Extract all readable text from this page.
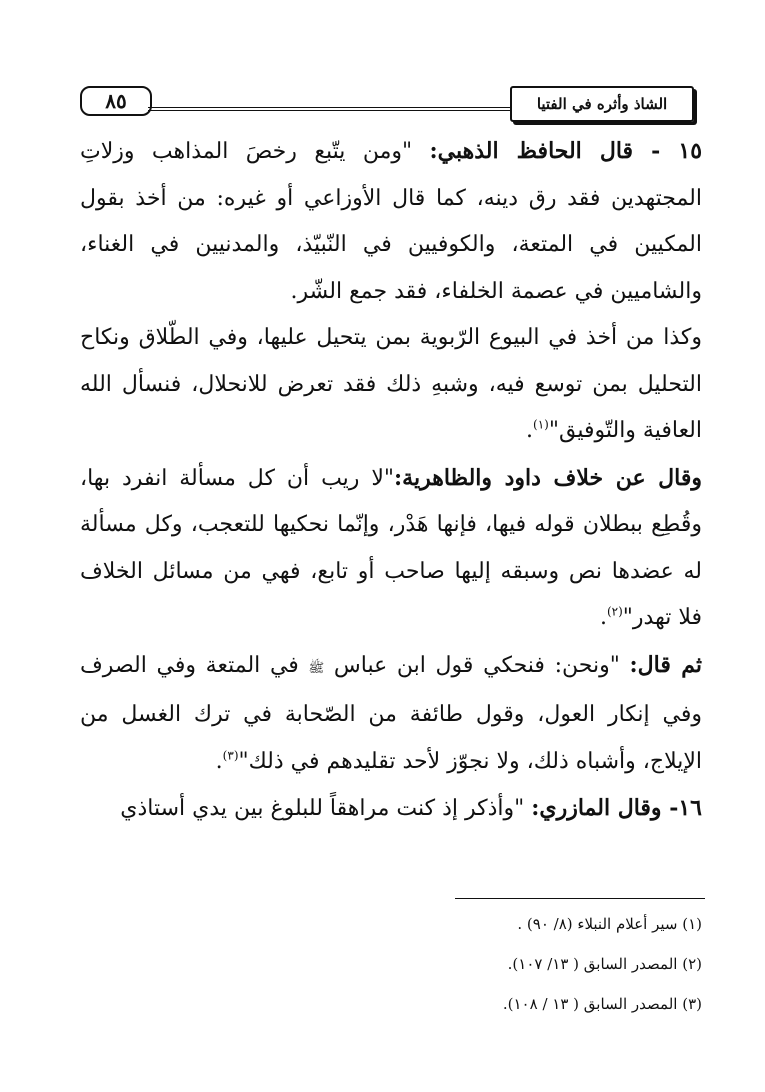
٨٥	الشاذ وأثره في الفتيا

١٥ - قال الحافظ الذهبي: "ومن يتّبع رخصَ المذاهب وزلاتِ المجتهدين فقد رق دينه، كما قال الأوزاعي أو غيره: من أخذ بقول المكيين في المتعة، والكوفيين في النّبيّذ، والمدنيين في الغناء، والشاميين في عصمة الخلفاء، فقد جمع الشّر.

وكذا من أخذ في البيوع الرّبوية بمن يتحيل عليها، وفي الطّلاق ونكاح التحليل بمن توسع فيه، وشبهِ ذلك فقد تعرض للانحلال، فنسأل الله العافية والتّوفيق"$^{(١)}$.

وقال عن خلاف داود والظاهرية:"لا ريب أن كل مسألة انفرد بها، وقُطِع ببطلان قوله فيها، فإنها هَدْر، وإنّما نحكيها للتعجب، وكل مسألة له عضدها نص وسبقه إليها صاحب أو تابع، فهي من مسائل الخلاف فلا تهدر"$^{(٢)}$.

ثم قال: "ونحن: فنحكي قول ابن عباس ﷺ في المتعة وفي الصرف وفي إنكار العول، وقول طائفة من الصّحابة في ترك الغسل من الإيلاج، وأشباه ذلك، ولا نجوّز لأحد تقليدهم في ذلك"$^{(٣)}$.

١٦- وقال المازري: "وأذكر إذ كنت مراهقاً للبلوغ بين يدي أستاذي

(١) سير أعلام النبلاء (٨/ ٩٠) .

(٢) المصدر السابق ( ١٣/ ١٠٧).

(٣) المصدر السابق ( ١٣ / ١٠٨).
